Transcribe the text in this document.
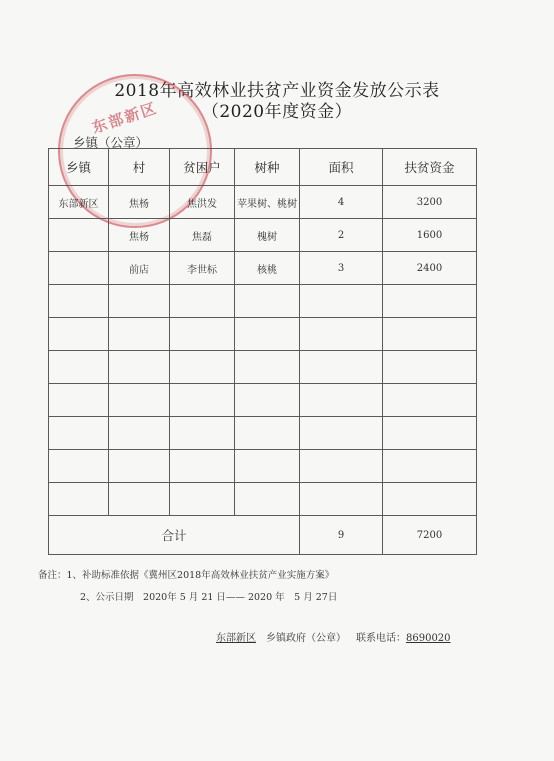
2018年高效林业扶贫产业资金发放公示表
（2020年度资金）
东部新区
乡镇（公章）
乡镇	村	贫困户	树种	面积	扶贫资金
东部新区	焦杨	焦洪发	苹果树、桃树	4	3200
	焦杨	焦磊	槐树	2	1600
	前店	李世标	核桃	3	2400

合计				9	7200
备注：1、补助标准依据《冀州区2018年高效林业扶贫产业实施方案》
2、公示日期　2020年 5 月 21 日—— 2020 年　5 月 27日
东部新区 乡镇政府（公章） 联系电话：8690020
